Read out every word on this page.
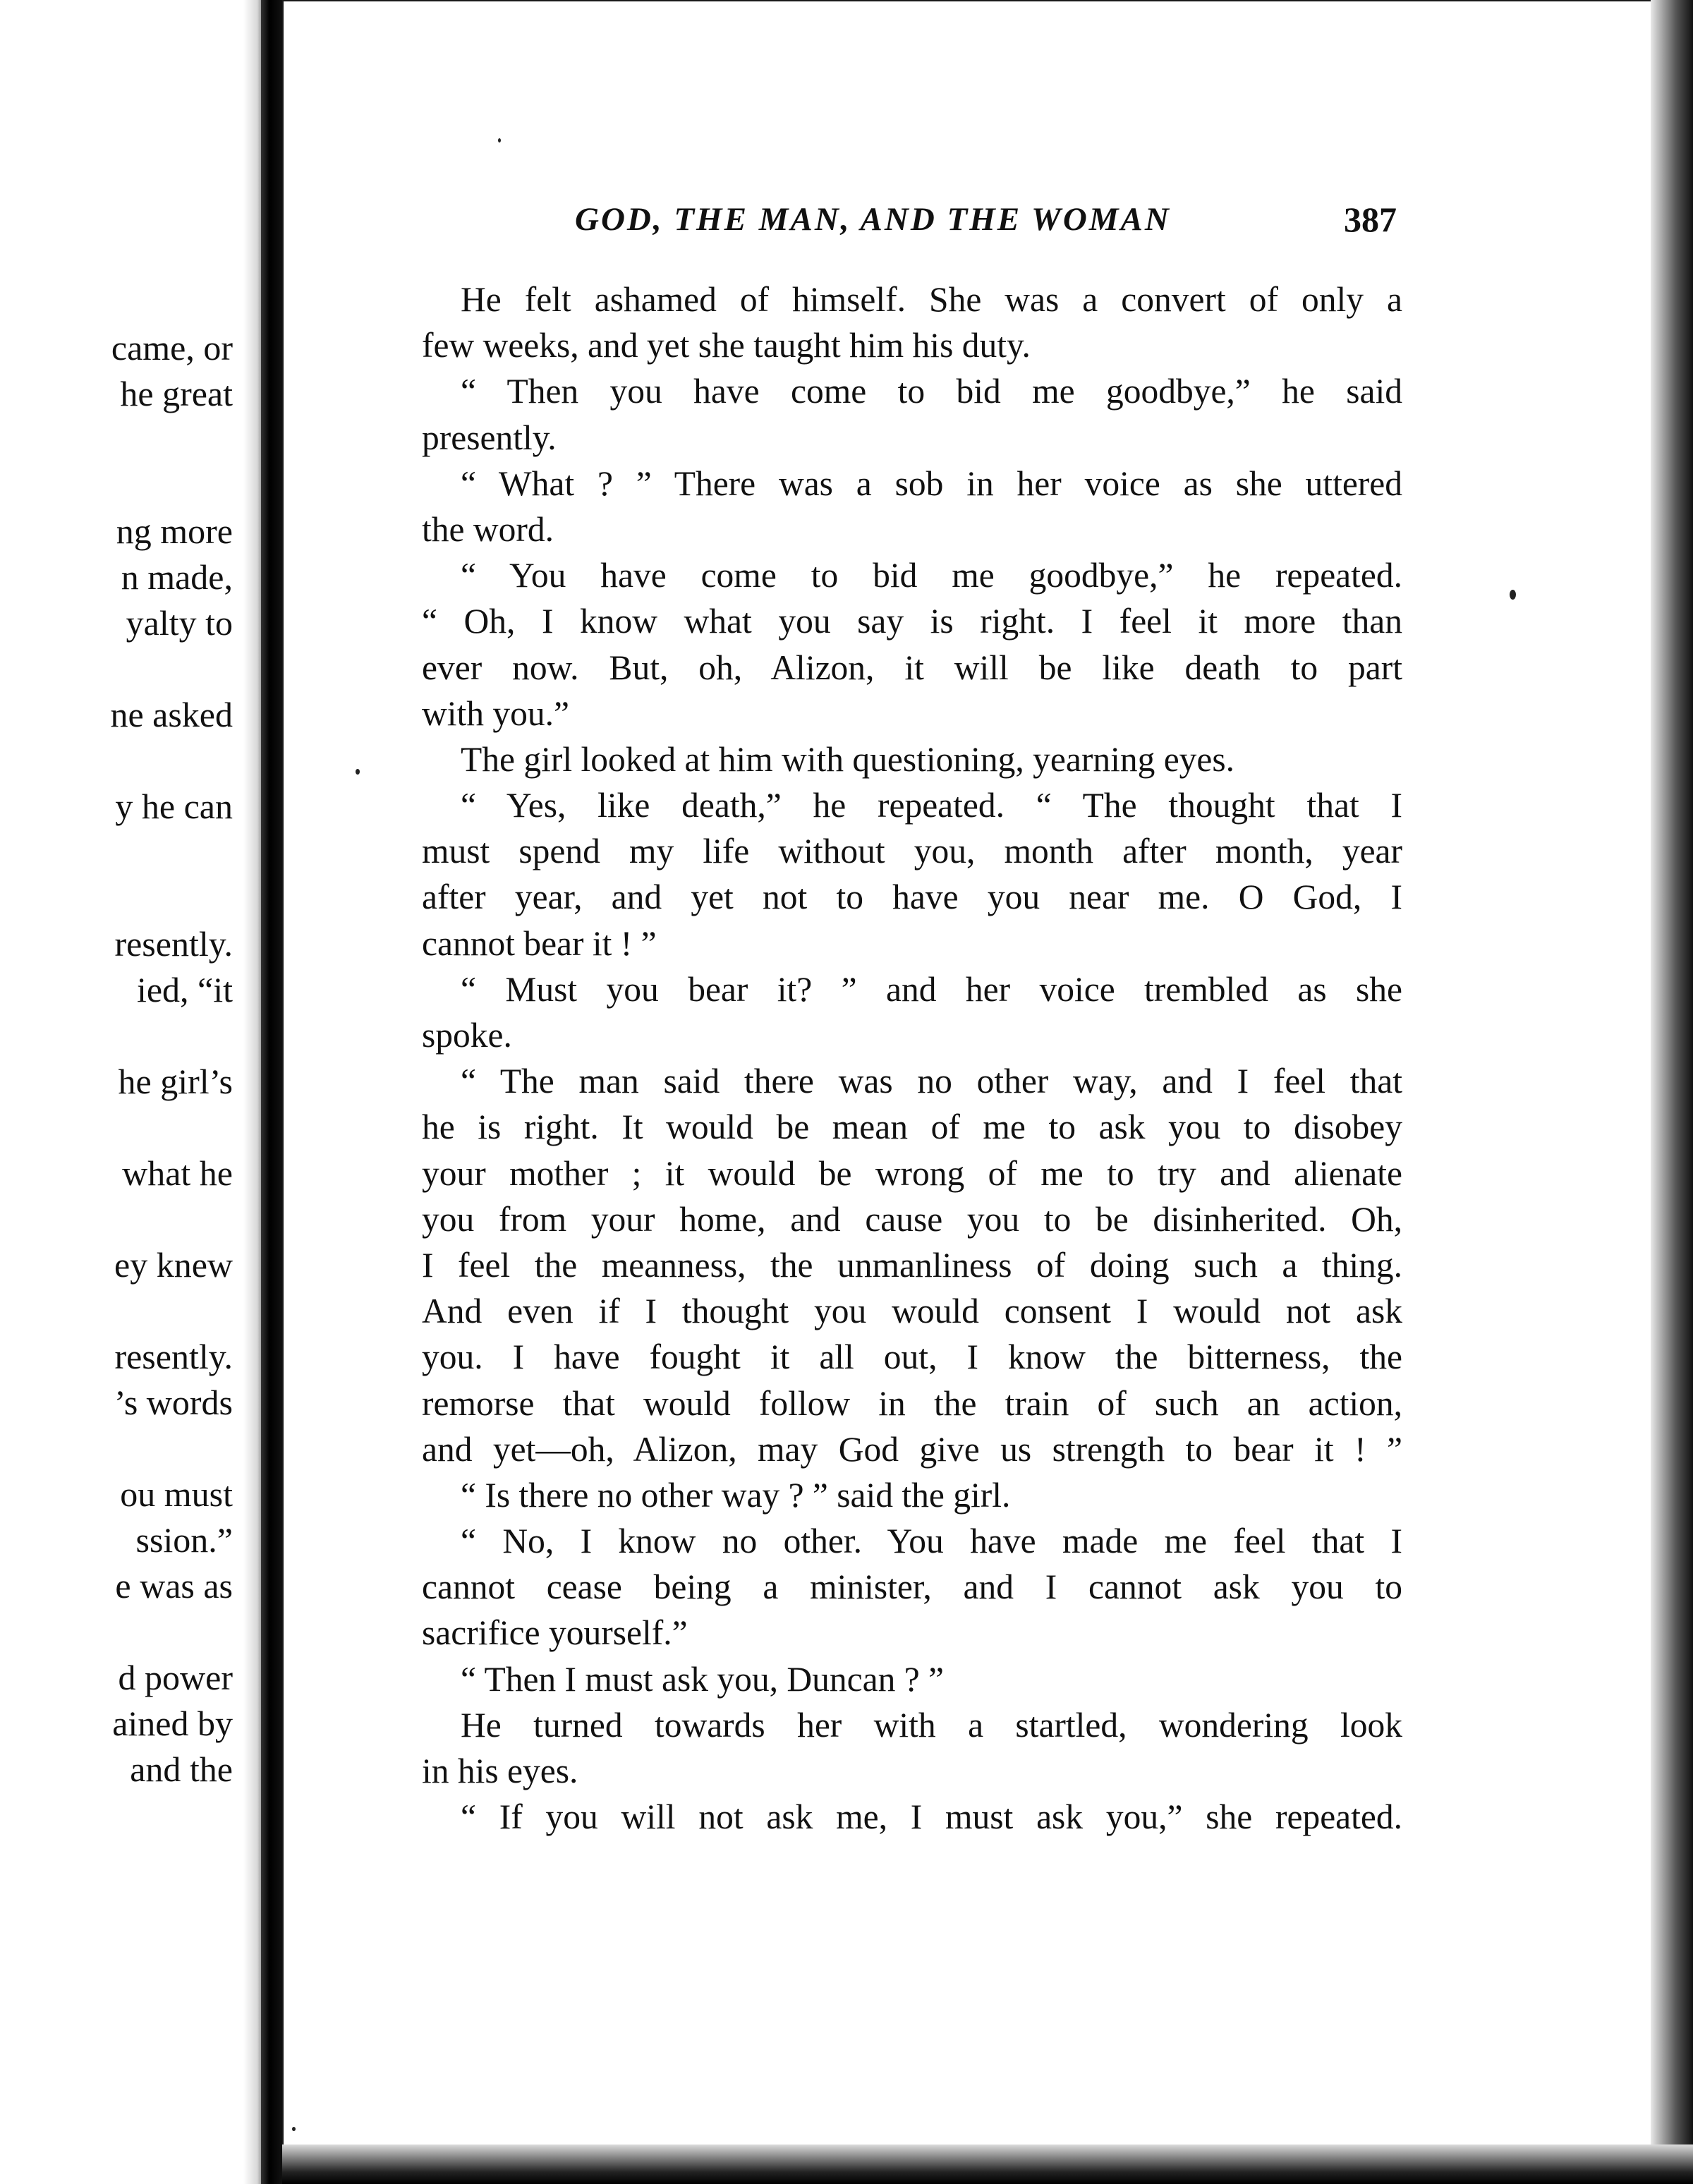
came, or
he great
ng more
n made,
yalty to
ne asked
y he can
resently.
ied, “it
he girl’s
what he
ey knew
resently.
’s words
ou must
ssion.”
e was as
d power
ained by
and the
GOD, THE MAN, AND THE WOMAN	387
He felt ashamed of himself. She was a convert of only a
few weeks, and yet she taught him his duty.
“ Then you have come to bid me goodbye,” he said
presently.
“ What ? ” There was a sob in her voice as she uttered
the word.
“ You have come to bid me goodbye,” he repeated.
“ Oh, I know what you say is right. I feel it more than
ever now. But, oh, Alizon, it will be like death to part
with you.”
The girl looked at him with questioning, yearning eyes.
“ Yes, like death,” he repeated. “ The thought that I
must spend my life without you, month after month, year
after year, and yet not to have you near me. O God, I
cannot bear it ! ”
“ Must you bear it? ” and her voice trembled as she
spoke.
“ The man said there was no other way, and I feel that
he is right. It would be mean of me to ask you to disobey
your mother ; it would be wrong of me to try and alienate
you from your home, and cause you to be disinherited. Oh,
I feel the meanness, the unmanliness of doing such a thing.
And even if I thought you would consent I would not ask
you. I have fought it all out, I know the bitterness, the
remorse that would follow in the train of such an action,
and yet—oh, Alizon, may God give us strength to bear it ! ”
“ Is there no other way ? ” said the girl.
“ No, I know no other. You have made me feel that I
cannot cease being a minister, and I cannot ask you to
sacrifice yourself.”
“ Then I must ask you, Duncan ? ”
He turned towards her with a startled, wondering look
in his eyes.
“ If you will not ask me, I must ask you,” she repeated.
